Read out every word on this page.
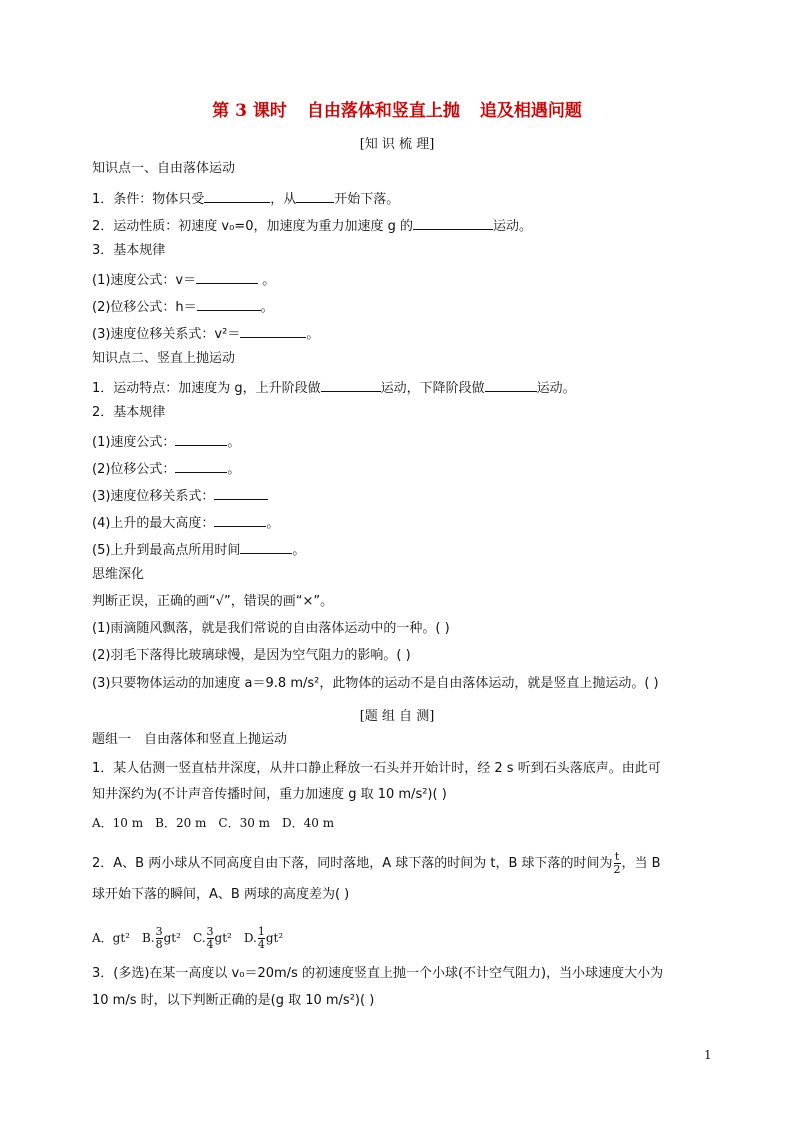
第 3 课时 自由落体和竖直上抛 追及相遇问题
[知 识 梳 理]
知识点一、自由落体运动
1．条件：物体只受	，从	开始下落。
2．运动性质：初速度 v₀=0，加速度为重力加速度 g 的	运动。
3．基本规律
(1)速度公式：v＝	。
(2)位移公式：h＝	。
(3)速度位移关系式：v²＝	。
知识点二、竖直上抛运动
1．运动特点：加速度为 g，上升阶段做	运动，下降阶段做	运动。
2．基本规律
(1)速度公式：	。
(2)位移公式：	。
(3)速度位移关系式：
(4)上升的最大高度：	。
(5)上升到最高点所用时间	。
思维深化
判断正误，正确的画“√”，错误的画“×”。
(1)雨滴随风飘落，就是我们常说的自由落体运动中的一种。( )
(2)羽毛下落得比玻璃球慢，是因为空气阻力的影响。( )
(3)只要物体运动的加速度 a＝9.8 m/s²，此物体的运动不是自由落体运动，就是竖直上抛运动。( )
[题 组 自 测]
题组一　自由落体和竖直上抛运动
1．某人估测一竖直枯井深度，从井口静止释放一石头并开始计时，经 2 s 听到石头落底声。由此可
知井深约为(不计声音传播时间，重力加速度 g 取 10 m/s²)( )
A．10 m　B．20 m　C．30 m　D．40 m
2．A、B 两小球从不同高度自由下落，同时落地，A 球下落的时间为 t，B 球下落的时间为 $\frac{t}{2}$ ，当 B
球开始下落的瞬间，A、B 两球的高度差为( )
A．gt²　B. $\frac{3}{8} gt^2$　C. $\frac{3}{4} gt^2$　D. $\frac{1}{4} gt^2$
3．(多选)在某一高度以 v₀＝20m/s 的初速度竖直上抛一个小球(不计空气阻力)，当小球速度大小为
10 m/s 时，以下判断正确的是(g 取 10 m/s²)( )
1
